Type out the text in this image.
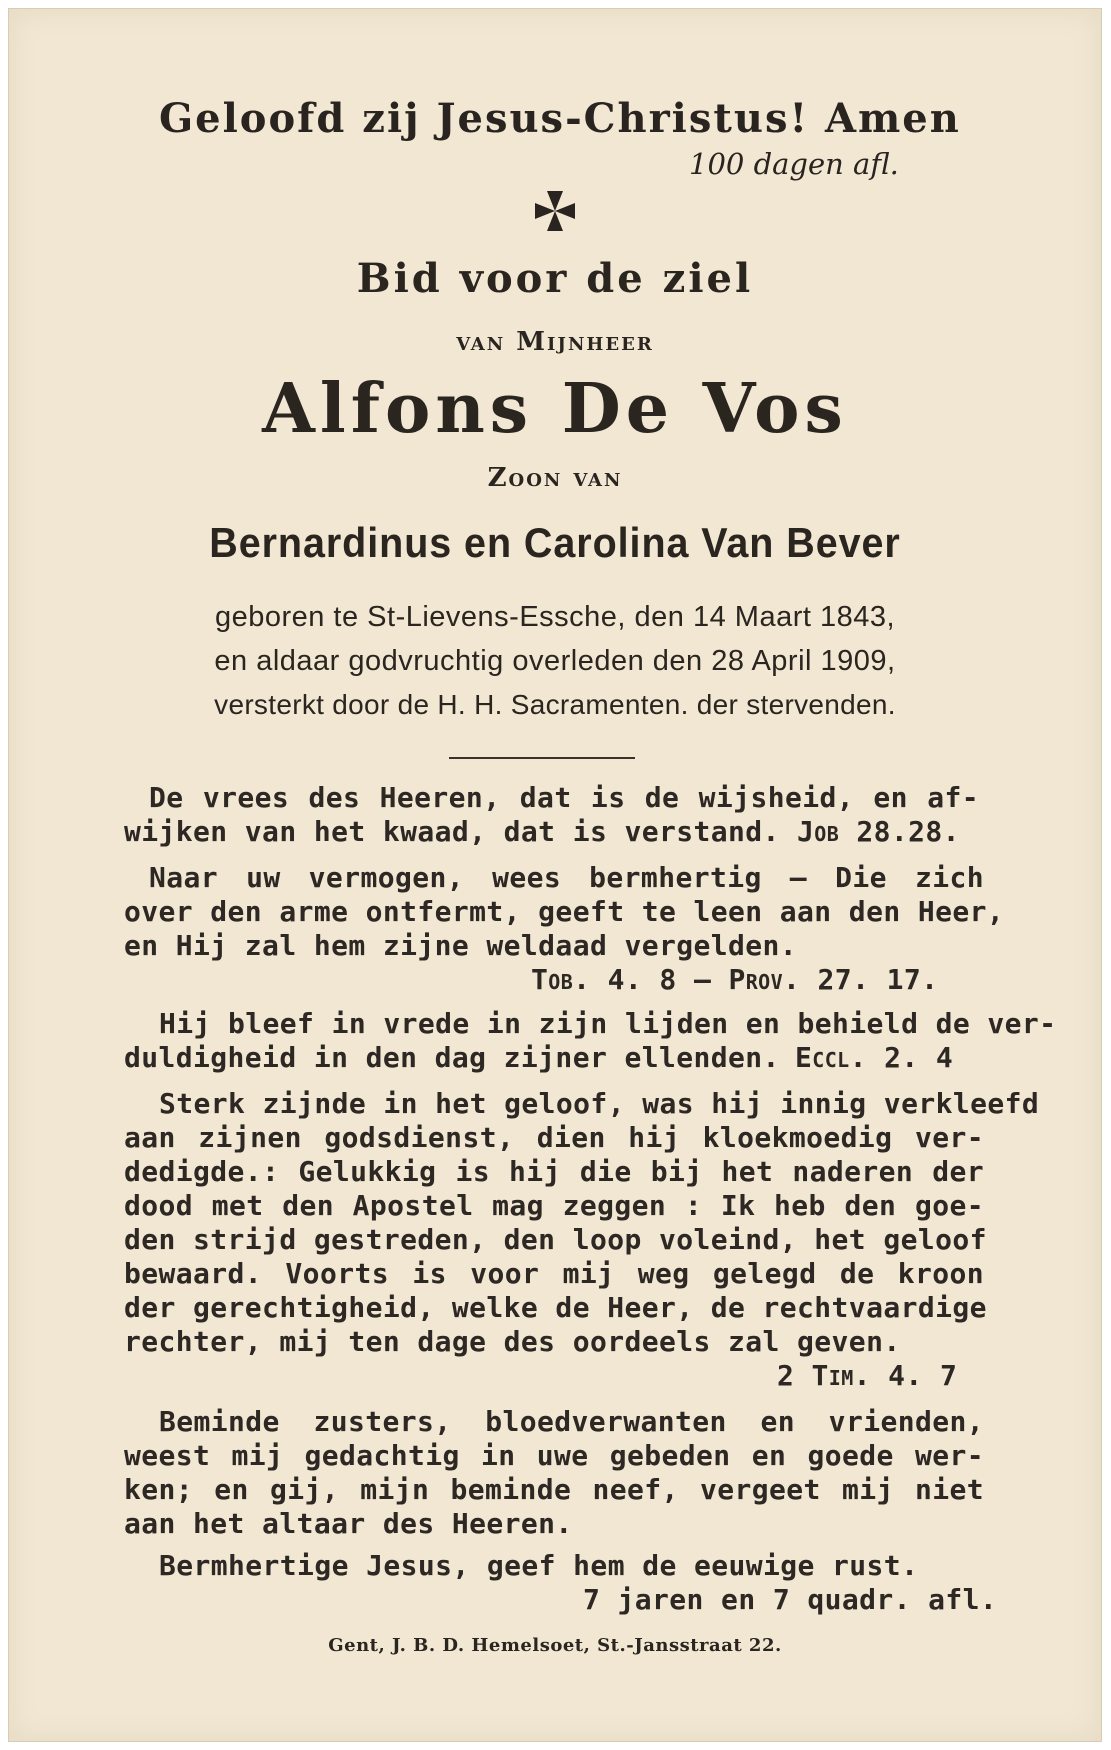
Geloofd zij Jesus-Christus! Amen
100 dagen afl.
Bid voor de ziel
van Mijnheer
Alfons De Vos
Zoon van
Bernardinus en Carolina Van Bever
geboren te St-Lievens-Essche, den 14 Maart 1843,
en aldaar godvruchtig overleden den 28 April 1909,
versterkt door de H. H. Sacramenten. der stervenden.
De vrees des Heeren, dat is de wijsheid, en af-
wijken van het kwaad, dat is verstand. Job 28.28.
Naar uw vermogen, wees bermhertig — Die zich
over den arme ontfermt, geeft te leen aan den Heer,
en Hij zal hem zijne weldaad vergelden.
Tob. 4. 8 — Prov. 27. 17.
Hij bleef in vrede in zijn lijden en behield de ver-
duldigheid in den dag zijner ellenden. Eccl. 2. 4
Sterk zijnde in het geloof, was hij innig verkleefd
aan zijnen godsdienst, dien hij kloekmoedig ver-
dedigde.: Gelukkig is hij die bij het naderen der
dood met den Apostel mag zeggen : Ik heb den goe-
den strijd gestreden, den loop voleind, het geloof
bewaard. Voorts is voor mij weg gelegd de kroon
der gerechtigheid, welke de Heer, de rechtvaardige
rechter, mij ten dage des oordeels zal geven.
2 Tim. 4. 7
Beminde zusters, bloedverwanten en vrienden,
weest mij gedachtig in uwe gebeden en goede wer-
ken; en gij, mijn beminde neef, vergeet mij niet
aan het altaar des Heeren.
Bermhertige Jesus, geef hem de eeuwige rust.
7 jaren en 7 quadr. afl.
Gent, J. B. D. Hemelsoet, St.-Jansstraat 22.
